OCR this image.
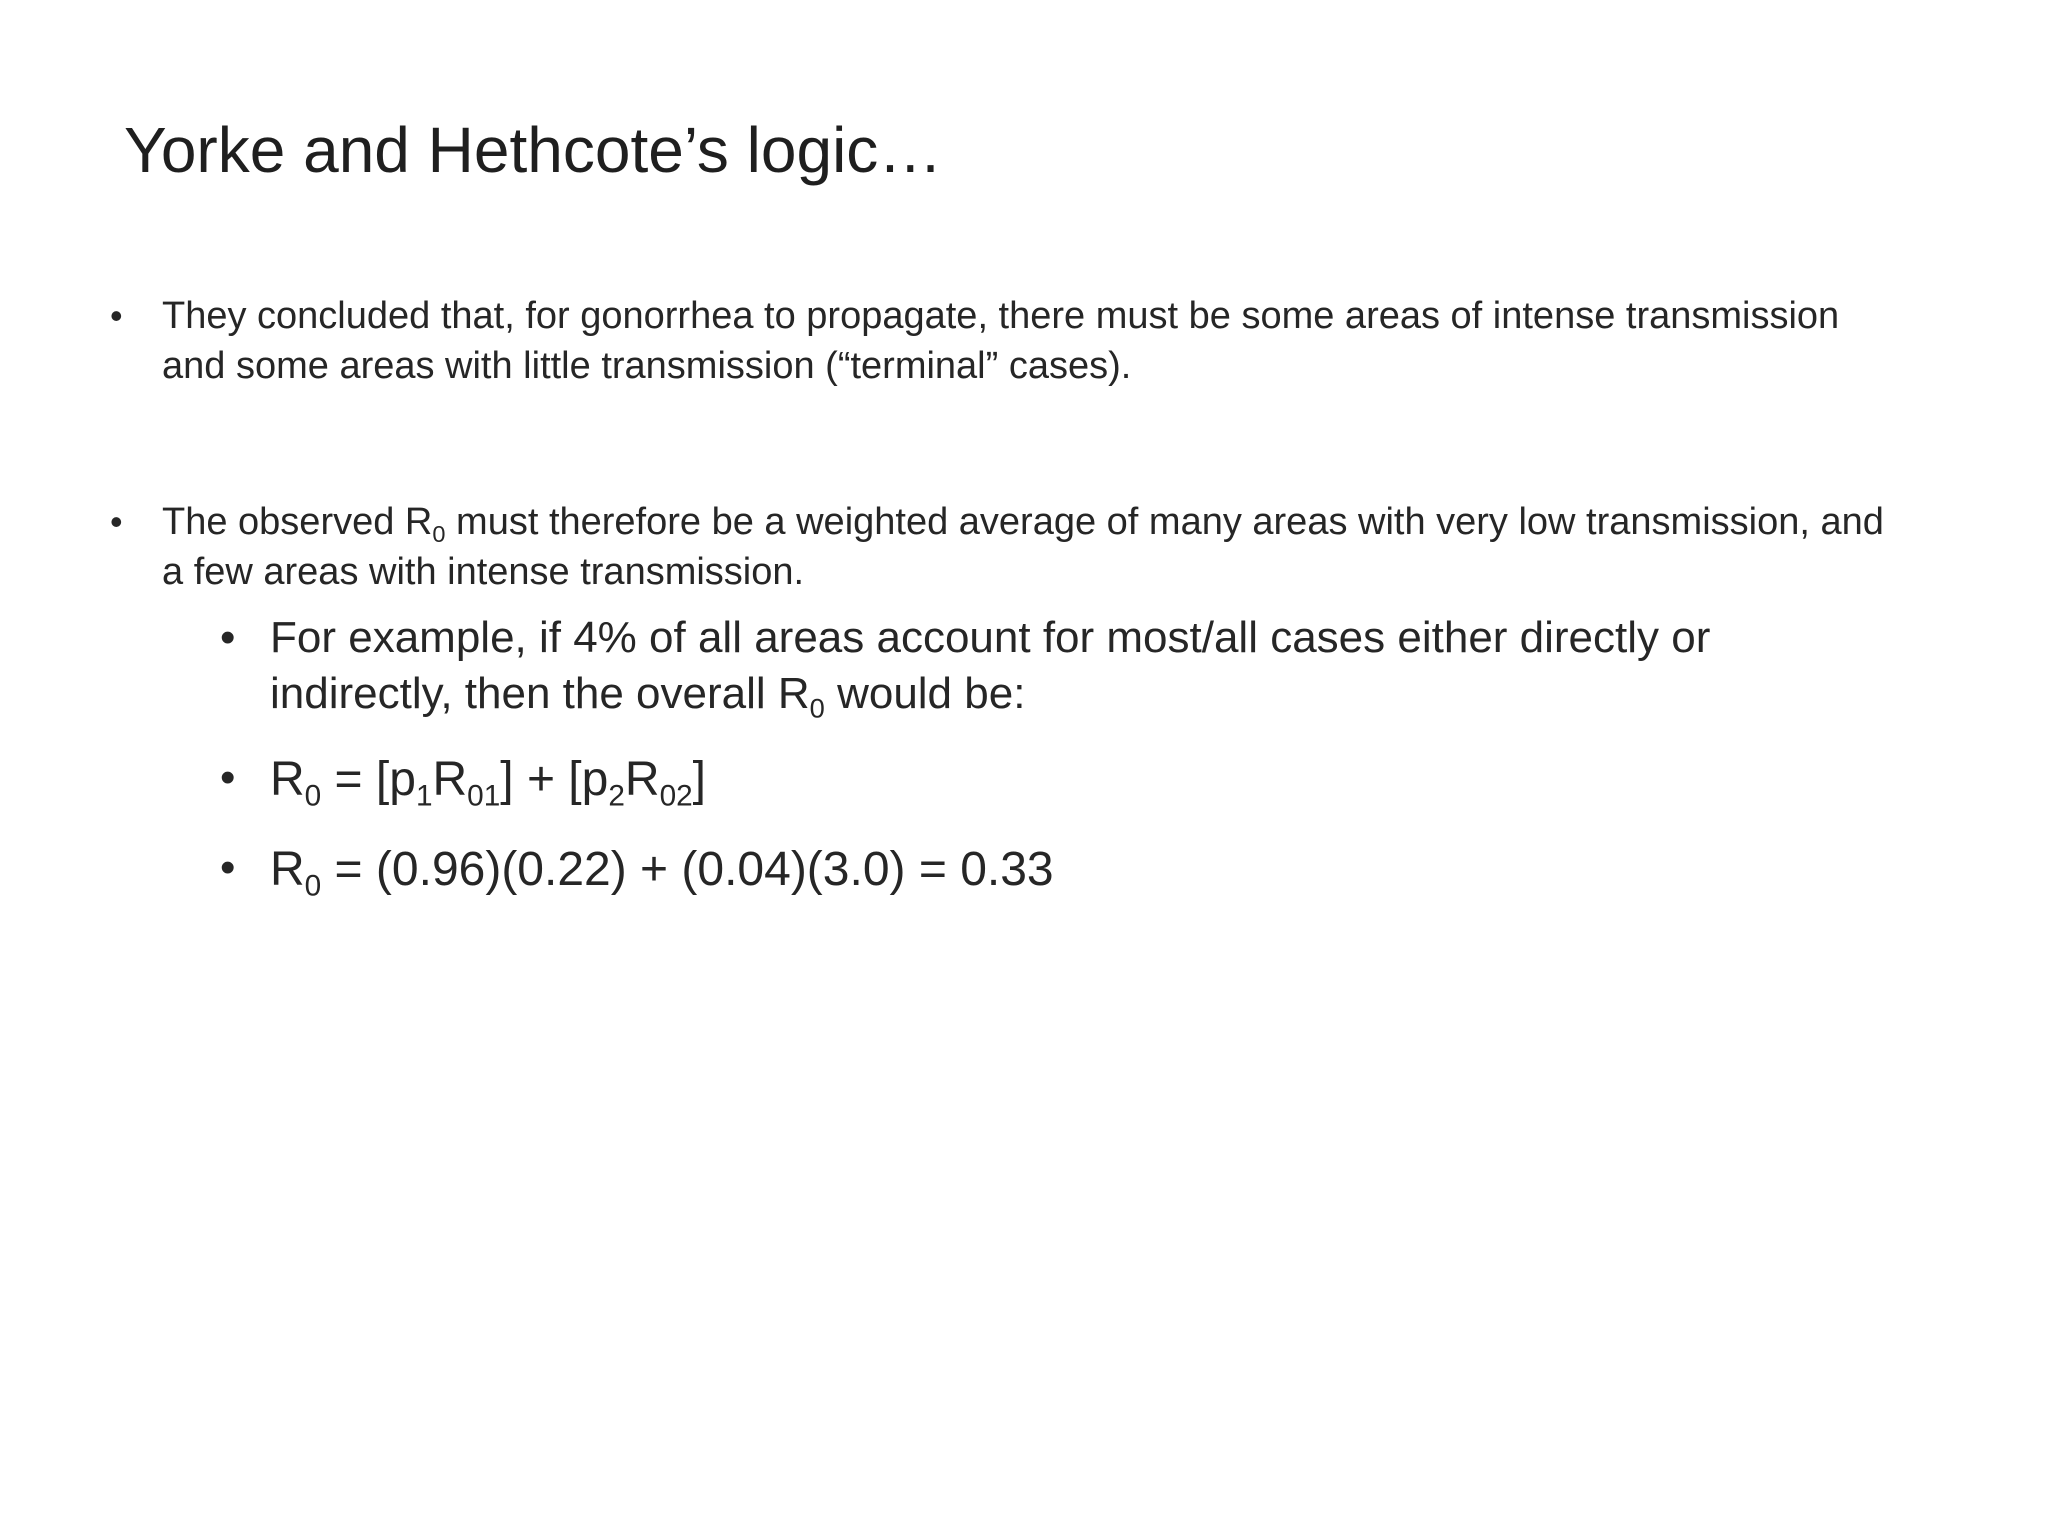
Yorke and Hethcote’s logic…
• They concluded that, for gonorrhea to propagate, there must be some areas of intense transmission and some areas with little transmission (“terminal” cases).
• The observed $R_0$ must therefore be a weighted average of many areas with very low transmission, and a few areas with intense transmission.
• For example, if 4% of all areas account for most/all cases either directly or indirectly, then the overall $R_0$ would be:
• $R_0 = [p_1R_{01}] + [p_2R_{02}]$
• $R_0 = (0.96)(0.22) + (0.04)(3.0) = 0.33$
